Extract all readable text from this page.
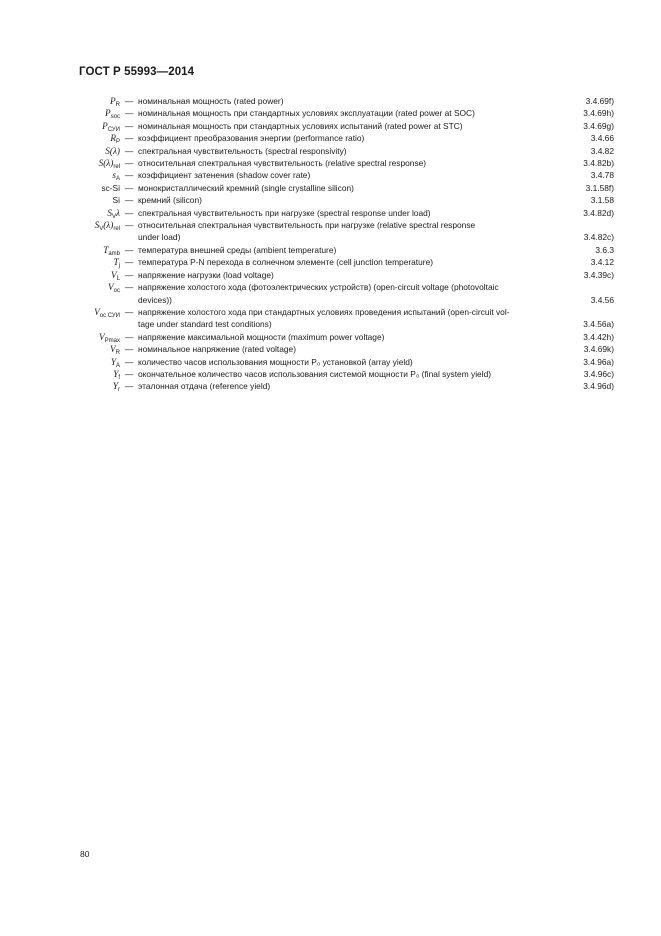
ГОСТ Р 55993—2014
$P_R$ — номинальная мощность (rated power)	3.4.69f)
$P_{soc}$ — номинальная мощность при стандартных условиях эксплуатации (rated power at SOC)	3.4.69h)
$P_{СУИ}$ — номинальная мощность при стандартных условиях испытаний (rated power at STC)	3.4.69g)
$R_P$ — коэффициент преобразования энергии (performance ratio)	3.4.66
S(λ) — спектральная чувствительность (spectral responsivity)	3.4.82
$S(\lambda)_{rel}$ — относительная спектральная чувствительность (relative spectral response)	3.4.82b)
$s_A$ — коэффициент затенения (shadow cover rate)	3.4.78
sc-Si — монокристаллический кремний (single crystalline silicon)	3.1.58f)
Si — кремний (silicon)	3.1.58
$S_V\lambda$ — спектральная чувствительность при нагрузке (spectral response under load)	3.4.82d)
$S_V(\lambda)_{rel}$ — относительная спектральная чувствительность при нагрузке (relative spectral response
under load)	3.4.82c)
$T_{amb}$ — температура внешней среды (ambient temperature)	3.6.3
$T_j$ — температура P-N перехода в солнечном элементе (cell junction temperature)	3.4.12
$V_L$ — напряжение нагрузки (load voltage)	3.4.39c)
$V_{oc}$ — напряжение холостого хода (фотоэлектрических устройств) (open-circuit voltage (photovoltaic
devices))	3.4.56
$V_{oc СУИ}$ — напряжение холостого хода при стандартных условиях проведения испытаний (open-circuit vol-
tage under standard test conditions)	3.4.56a)
$V_{Pmax}$ — напряжение максимальной мощности (maximum power voltage)	3.4.42h)
$V_R$ — номинальное напряжение (rated voltage)	3.4.69k)
$Y_A$ — количество часов использования мощности P₀ установкой (array yield)	3.4.96a)
$Y_f$ — окончательное количество часов использования системой мощности P₀ (final system yield)	3.4.96c)
$Y_r$ — эталонная отдача (reference yield)	3.4.96d)
80
